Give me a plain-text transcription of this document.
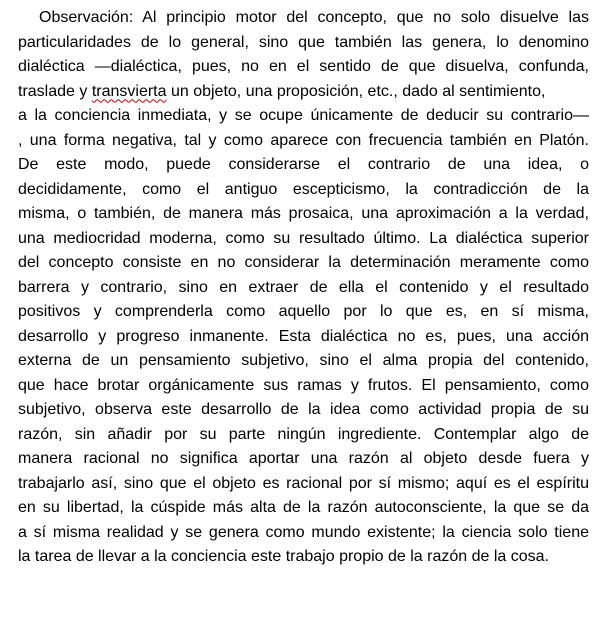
Observación: Al principio motor del concepto, que no solo disuelve las
particularidades de lo general, sino que también las genera, lo denomino
dialéctica —dialéctica, pues, no en el sentido de que disuelva, confunda,
traslade y transvierta un objeto, una proposición, etc., dado al sentimiento,
a la conciencia inmediata, y se ocupe únicamente de deducir su contrario—
, una forma negativa, tal y como aparece con frecuencia también en Platón.
De este modo, puede considerarse el contrario de una idea, o
decididamente, como el antiguo escepticismo, la contradicción de la
misma, o también, de manera más prosaica, una aproximación a la verdad,
una mediocridad moderna, como su resultado último. La dialéctica superior
del concepto consiste en no considerar la determinación meramente como
barrera y contrario, sino en extraer de ella el contenido y el resultado
positivos y comprenderla como aquello por lo que es, en sí misma,
desarrollo y progreso inmanente. Esta dialéctica no es, pues, una acción
externa de un pensamiento subjetivo, sino el alma propia del contenido,
que hace brotar orgánicamente sus ramas y frutos. El pensamiento, como
subjetivo, observa este desarrollo de la idea como actividad propia de su
razón, sin añadir por su parte ningún ingrediente. Contemplar algo de
manera racional no significa aportar una razón al objeto desde fuera y
trabajarlo así, sino que el objeto es racional por sí mismo; aquí es el espíritu
en su libertad, la cúspide más alta de la razón autoconsciente, la que se da
a sí misma realidad y se genera como mundo existente; la ciencia solo tiene
la tarea de llevar a la conciencia este trabajo propio de la razón de la cosa.
